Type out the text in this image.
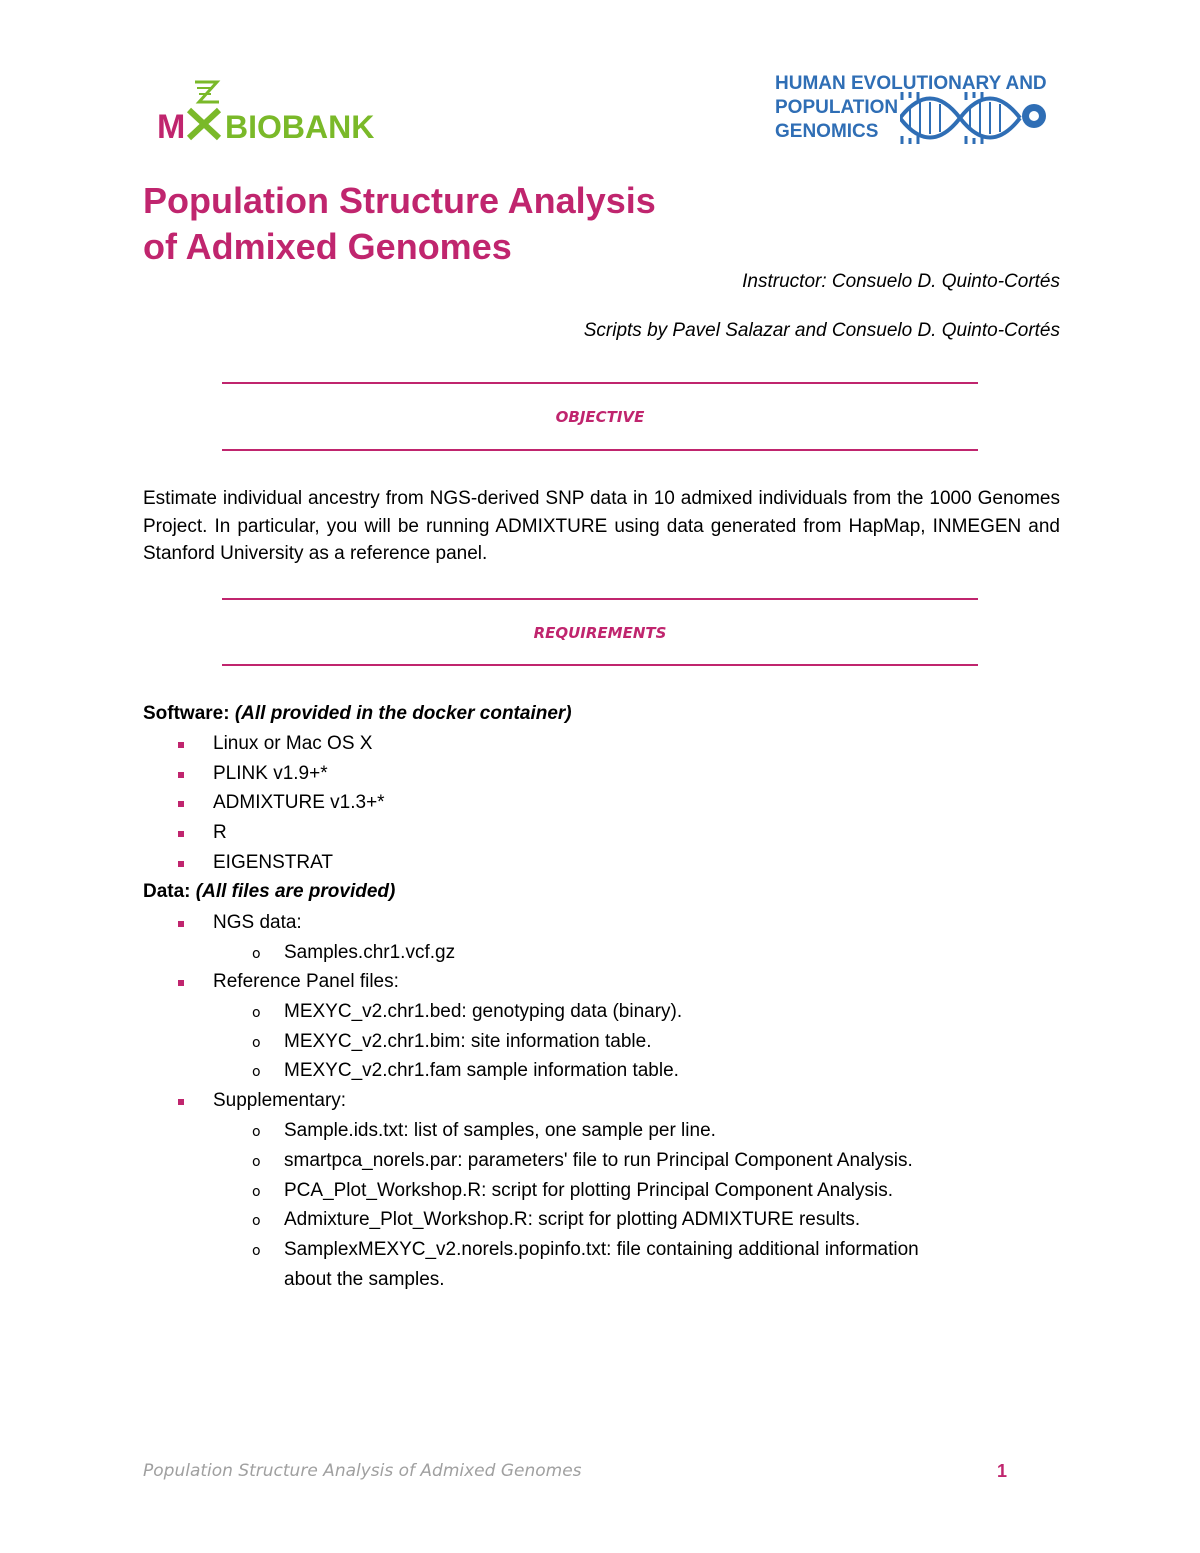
M BIOBANK
HUMAN EVOLUTIONARY AND
POPULATION
GENOMICS
Population Structure Analysis
of Admixed Genomes
Instructor: Consuelo D. Quinto-Cortés
Scripts by Pavel Salazar and Consuelo D. Quinto-Cortés
OBJECTIVE
Estimate individual ancestry from NGS-derived SNP data in 10 admixed individuals from the 1000 Genomes Project. In particular, you will be running ADMIXTURE using data generated from HapMap, INMEGEN and Stanford University as a reference panel.
REQUIREMENTS
Software: (All provided in the docker container)
Linux or Mac OS X
PLINK v1.9+*
ADMIXTURE v1.3+*
R
EIGENSTRAT
Data: (All files are provided)
NGS data:
o Samples.chr1.vcf.gz
Reference Panel files:
o MEXYC_v2.chr1.bed: genotyping data (binary).
o MEXYC_v2.chr1.bim: site information table.
o MEXYC_v2.chr1.fam sample information table.
Supplementary:
o Sample.ids.txt: list of samples, one sample per line.
o smartpca_norels.par: parameters' file to run Principal Component Analysis.
o PCA_Plot_Workshop.R: script for plotting Principal Component Analysis.
o Admixture_Plot_Workshop.R: script for plotting ADMIXTURE results.
o SamplexMEXYC_v2.norels.popinfo.txt: file containing additional information
about the samples.
Population Structure Analysis of Admixed Genomes	1
